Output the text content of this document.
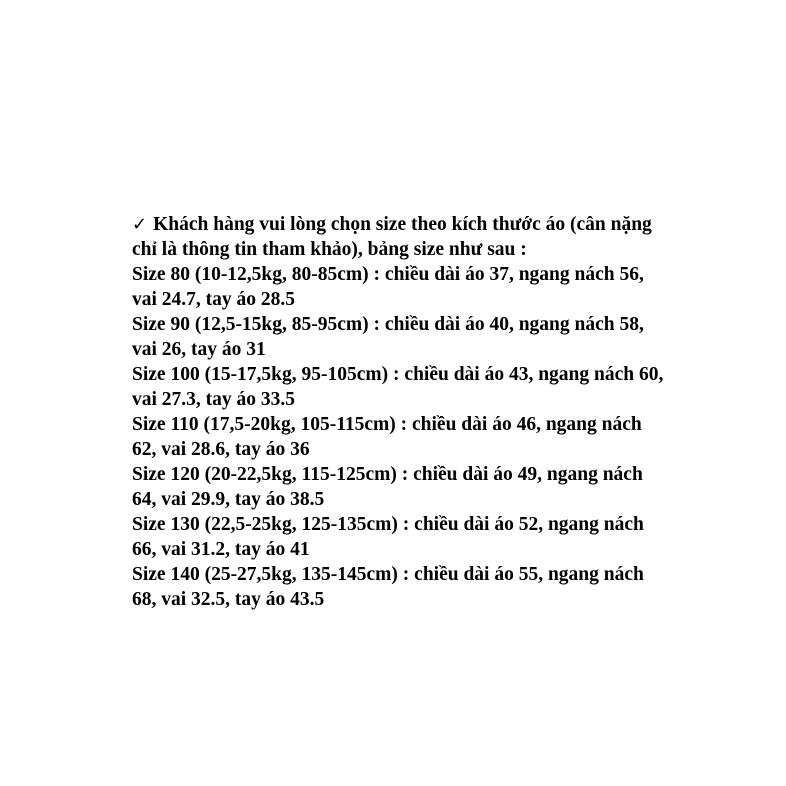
✓ Khách hàng vui lòng chọn size theo kích thước áo (cân nặng
chỉ là thông tin tham khảo), bảng size như sau :
Size 80 (10-12,5kg, 80-85cm) : chiều dài áo 37, ngang nách 56,
vai 24.7, tay áo 28.5
Size 90 (12,5-15kg, 85-95cm) : chiều dài áo 40, ngang nách 58,
vai 26, tay áo 31
Size 100 (15-17,5kg, 95-105cm) : chiều dài áo 43, ngang nách 60,
vai 27.3, tay áo 33.5
Size 110 (17,5-20kg, 105-115cm) : chiều dài áo 46, ngang nách
62, vai 28.6, tay áo 36
Size 120 (20-22,5kg, 115-125cm) : chiều dài áo 49, ngang nách
64, vai 29.9, tay áo 38.5
Size 130 (22,5-25kg, 125-135cm) : chiều dài áo 52, ngang nách
66, vai 31.2, tay áo 41
Size 140 (25-27,5kg, 135-145cm) : chiều dài áo 55, ngang nách
68, vai 32.5, tay áo 43.5
